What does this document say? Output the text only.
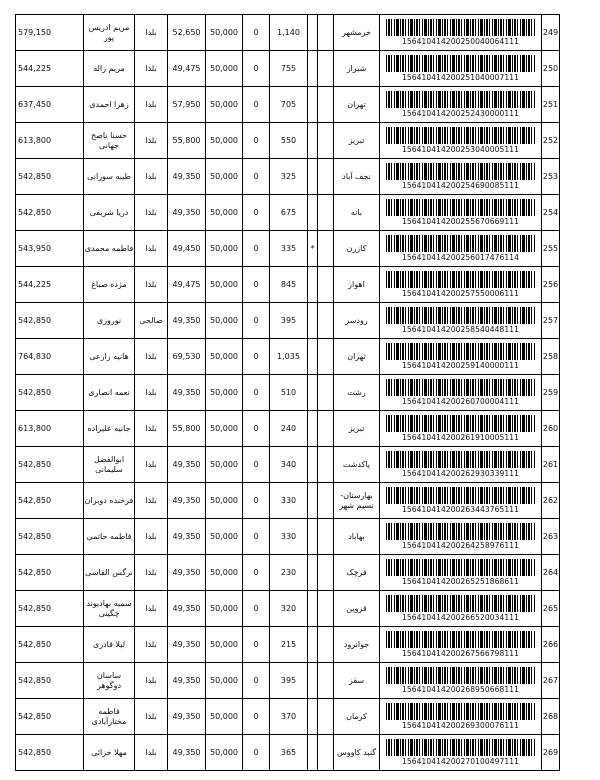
579,150	مریم ادریس پور	بلدا	52,650	50,000	0	1,140			خرمشهر	156410414200250040064111	249
544,225	مریم زاله	بلدا	49,475	50,000	0	755			شیراز	156410414200251040007111	250
637,450	زهرا احمدی	بلدا	57,950	50,000	0	705			تهران	156410414200252430000111	251
613,800	حسنا ناصح جهانی	بلدا	55,800	50,000	0	550			تبریز	156410414200253040005111	252
542,850	طیبه سورانی	بلدا	49,350	50,000	0	325			نجف آباد	156410414200254690085111	253
542,850	دریا شریفی	بلدا	49,350	50,000	0	675			بانه	156410414200255670669111	254
543,950	فاطمه محمدی	بلدا	49,450	50,000	0	335	*		کازرن	156410414200256017476114	255
544,225	مژده صباغ	بلدا	49,475	50,000	0	845			اهواز	156410414200257550006111	256
542,850	نوروزی	صالحی	49,350	50,000	0	395			رودسر	156410414200258540448111	257
764,830	هانیه زارعی	بلدا	69,530	50,000	0	1,035			تهران	156410414200259140000111	258
542,850	نعمه انصاری	بلدا	49,350	50,000	0	510			رشت	156410414200260700004111	259
613,800	جانیه علیزاده	بلدا	55,800	50,000	0	240			تبریز	156410414200261910005111	260
542,850	ابوالفضل سلیمانی	بلدا	49,350	50,000	0	340			پاکدشت	156410414200262930339111	261
542,850	فرخنده دوبران	بلدا	49,350	50,000	0	330			بهارستان- نسیم شهر	156410414200263443765111	262
542,850	فاطمه حاتمی	بلدا	49,350	50,000	0	330			بهاباد	156410414200264258976111	263
542,850	نرگس القاسی	بلدا	49,350	50,000	0	230			فرچک	156410414200265251868611	264
542,850	سمیه بهادیوند چگینی	بلدا	49,350	50,000	0	320			قزوین	156410414200266520034111	265
542,850	لیلا قادری	بلدا	49,350	50,000	0	215			جوانرود	156410414200267566798111	266
542,850	ساسان دوگوهر	بلدا	49,350	50,000	0	395			سقز	156410414200268950668111	267
542,850	فاطمه مختارآبادی	بلدا	49,350	50,000	0	370			کرمان	156410414200269300076111	268
542,850	مهلا خزائی	بلدا	49,350	50,000	0	365			گنبد کاووس	156410414200270100497111	269
